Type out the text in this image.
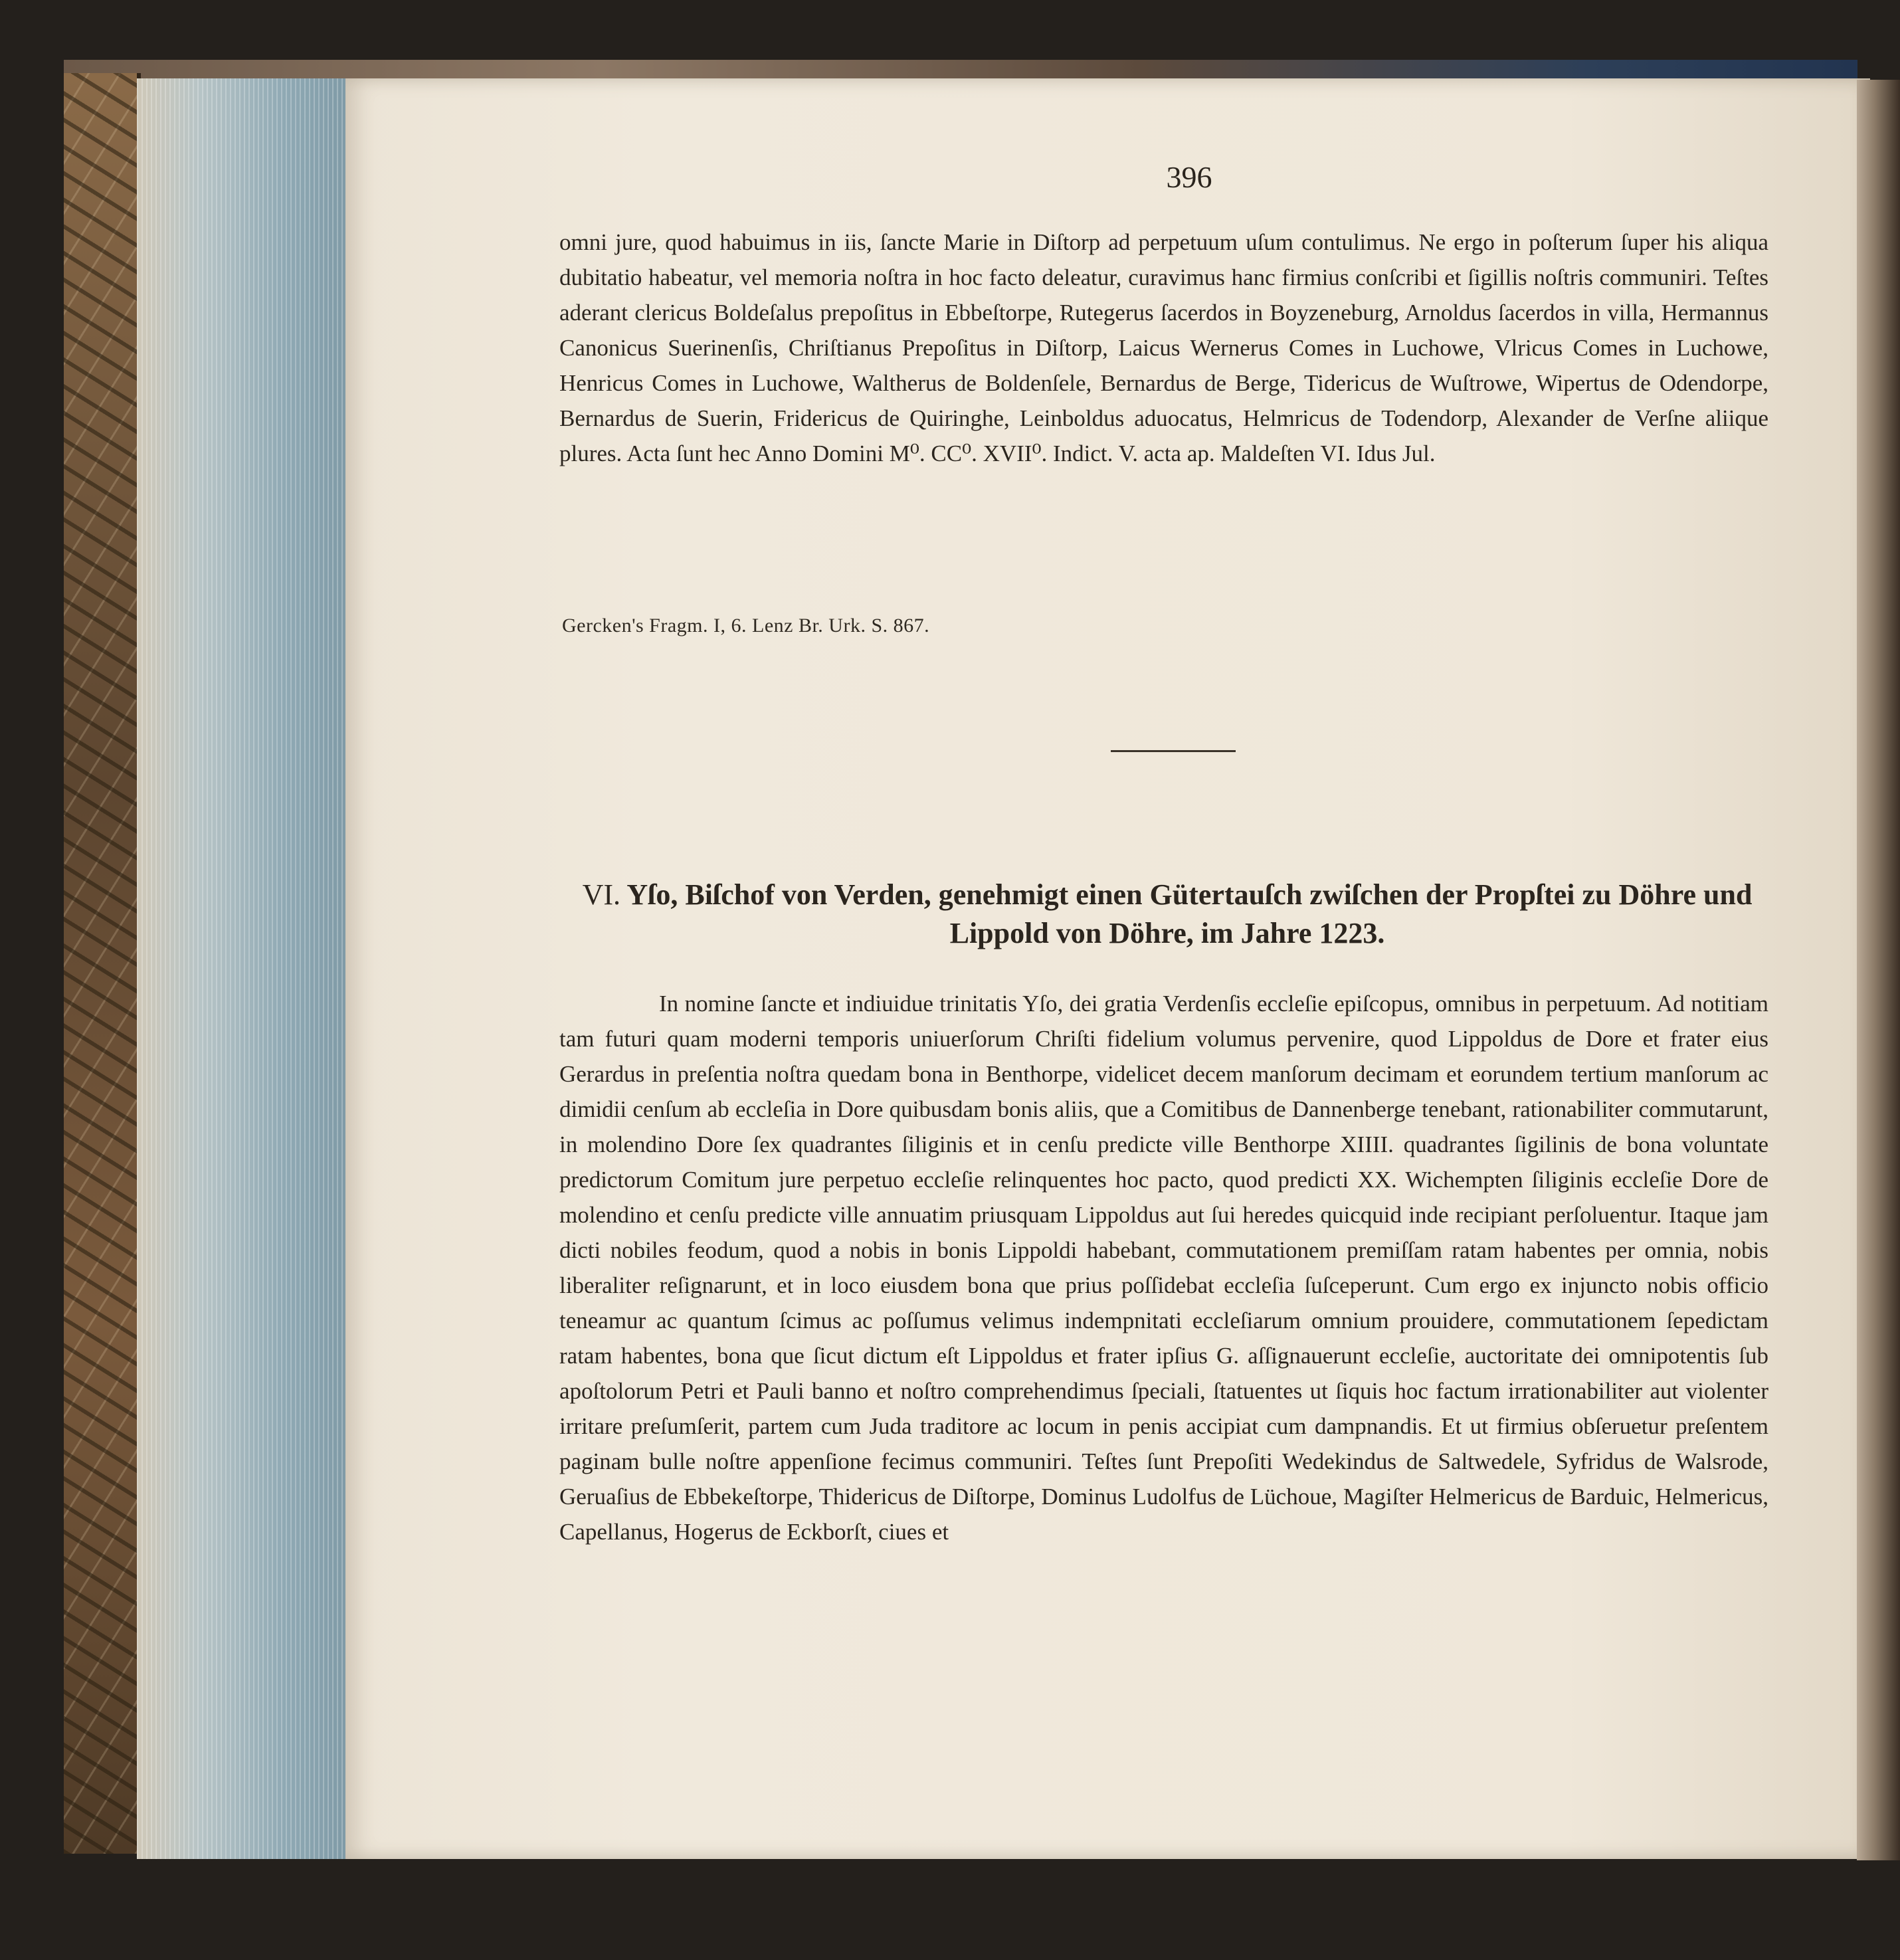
396

omni jure, quod habuimus in iis, ſancte Marie in Diſtorp ad perpetuum uſum contulimus. Ne ergo in poſterum ſuper his aliqua dubitatio habeatur, vel memoria noſtra in hoc facto deleatur, curavimus hanc firmius conſcribi et ſigillis noſtris communiri. Teſtes aderant clericus Boldeſalus prepoſitus in Ebbeſtorpe, Rutegerus ſacerdos in Boyzeneburg, Arnoldus ſacerdos in villa, Hermannus Canonicus Suerinenſis, Chriſtianus Prepoſitus in Diſtorp, Laicus Wernerus Comes in Luchowe, Vlricus Comes in Luchowe, Henricus Comes in Luchowe, Waltherus de Boldenſele, Bernardus de Berge, Tidericus de Wuſtrowe, Wipertus de Odendorpe, Bernardus de Suerin, Fridericus de Quiringhe, Leinboldus aduocatus, Helmricus de Todendorp, Alexander de Verſne aliique plures. Acta ſunt hec Anno Domini M⁰. CC⁰. XVII⁰. Indict. V. acta ap. Maldeſten VI. Idus Jul.

Gercken's Fragm. I, 6. Lenz Br. Urk. S. 867.
VI. Yſo, Biſchof von Verden, genehmigt einen Gütertauſch zwiſchen der Propſtei zu Döhre und Lippold von Döhre, im Jahre 1223.

In nomine ſancte et indiuidue trinitatis Yſo, dei gratia Verdenſis eccleſie epiſcopus, omnibus in perpetuum. Ad notitiam tam futuri quam moderni temporis uniuerſorum Chriſti fidelium volumus pervenire, quod Lippoldus de Dore et frater eius Gerardus in preſentia noſtra quedam bona in Benthorpe, videlicet decem manſorum decimam et eorundem tertium manſorum ac dimidii cenſum ab eccleſia in Dore quibusdam bonis aliis, que a Comitibus de Dannenberge tenebant, rationabiliter commutarunt, in molendino Dore ſex quadrantes ſiliginis et in cenſu predicte ville Benthorpe XIIII. quadrantes ſigilinis de bona voluntate predictorum Comitum jure perpetuo eccleſie relinquentes hoc pacto, quod predicti XX. Wichempten ſiliginis eccleſie Dore de molendino et cenſu predicte ville annuatim priusquam Lippoldus aut ſui heredes quicquid inde recipiant perſoluentur. Itaque jam dicti nobiles feodum, quod a nobis in bonis Lippoldi habebant, commutationem premiſſam ratam habentes per omnia, nobis liberaliter reſignarunt, et in loco eiusdem bona que prius poſſidebat eccleſia ſuſceperunt. Cum ergo ex injuncto nobis officio teneamur ac quantum ſcimus ac poſſumus velimus indempnitati eccleſiarum omnium prouidere, commutationem ſepedictam ratam habentes, bona que ſicut dictum eſt Lippoldus et frater ipſius G. aſſignauerunt eccleſie, auctoritate dei omnipotentis ſub apoſtolorum Petri et Pauli banno et noſtro comprehendimus ſpeciali, ſtatuentes ut ſiquis hoc factum irrationabiliter aut violenter irritare preſumſerit, partem cum Juda traditore ac locum in penis accipiat cum dampnandis. Et ut firmius obſeruetur preſentem paginam bulle noſtre appenſione fecimus communiri. Teſtes ſunt Prepoſiti Wedekindus de Saltwedele, Syfridus de Walsrode, Geruaſius de Ebbekeſtorpe, Thidericus de Diſtorpe, Dominus Ludolfus de Lüchoue, Magiſter Helmericus de Barduic, Helmericus, Capellanus, Hogerus de Eckborſt, ciues et
